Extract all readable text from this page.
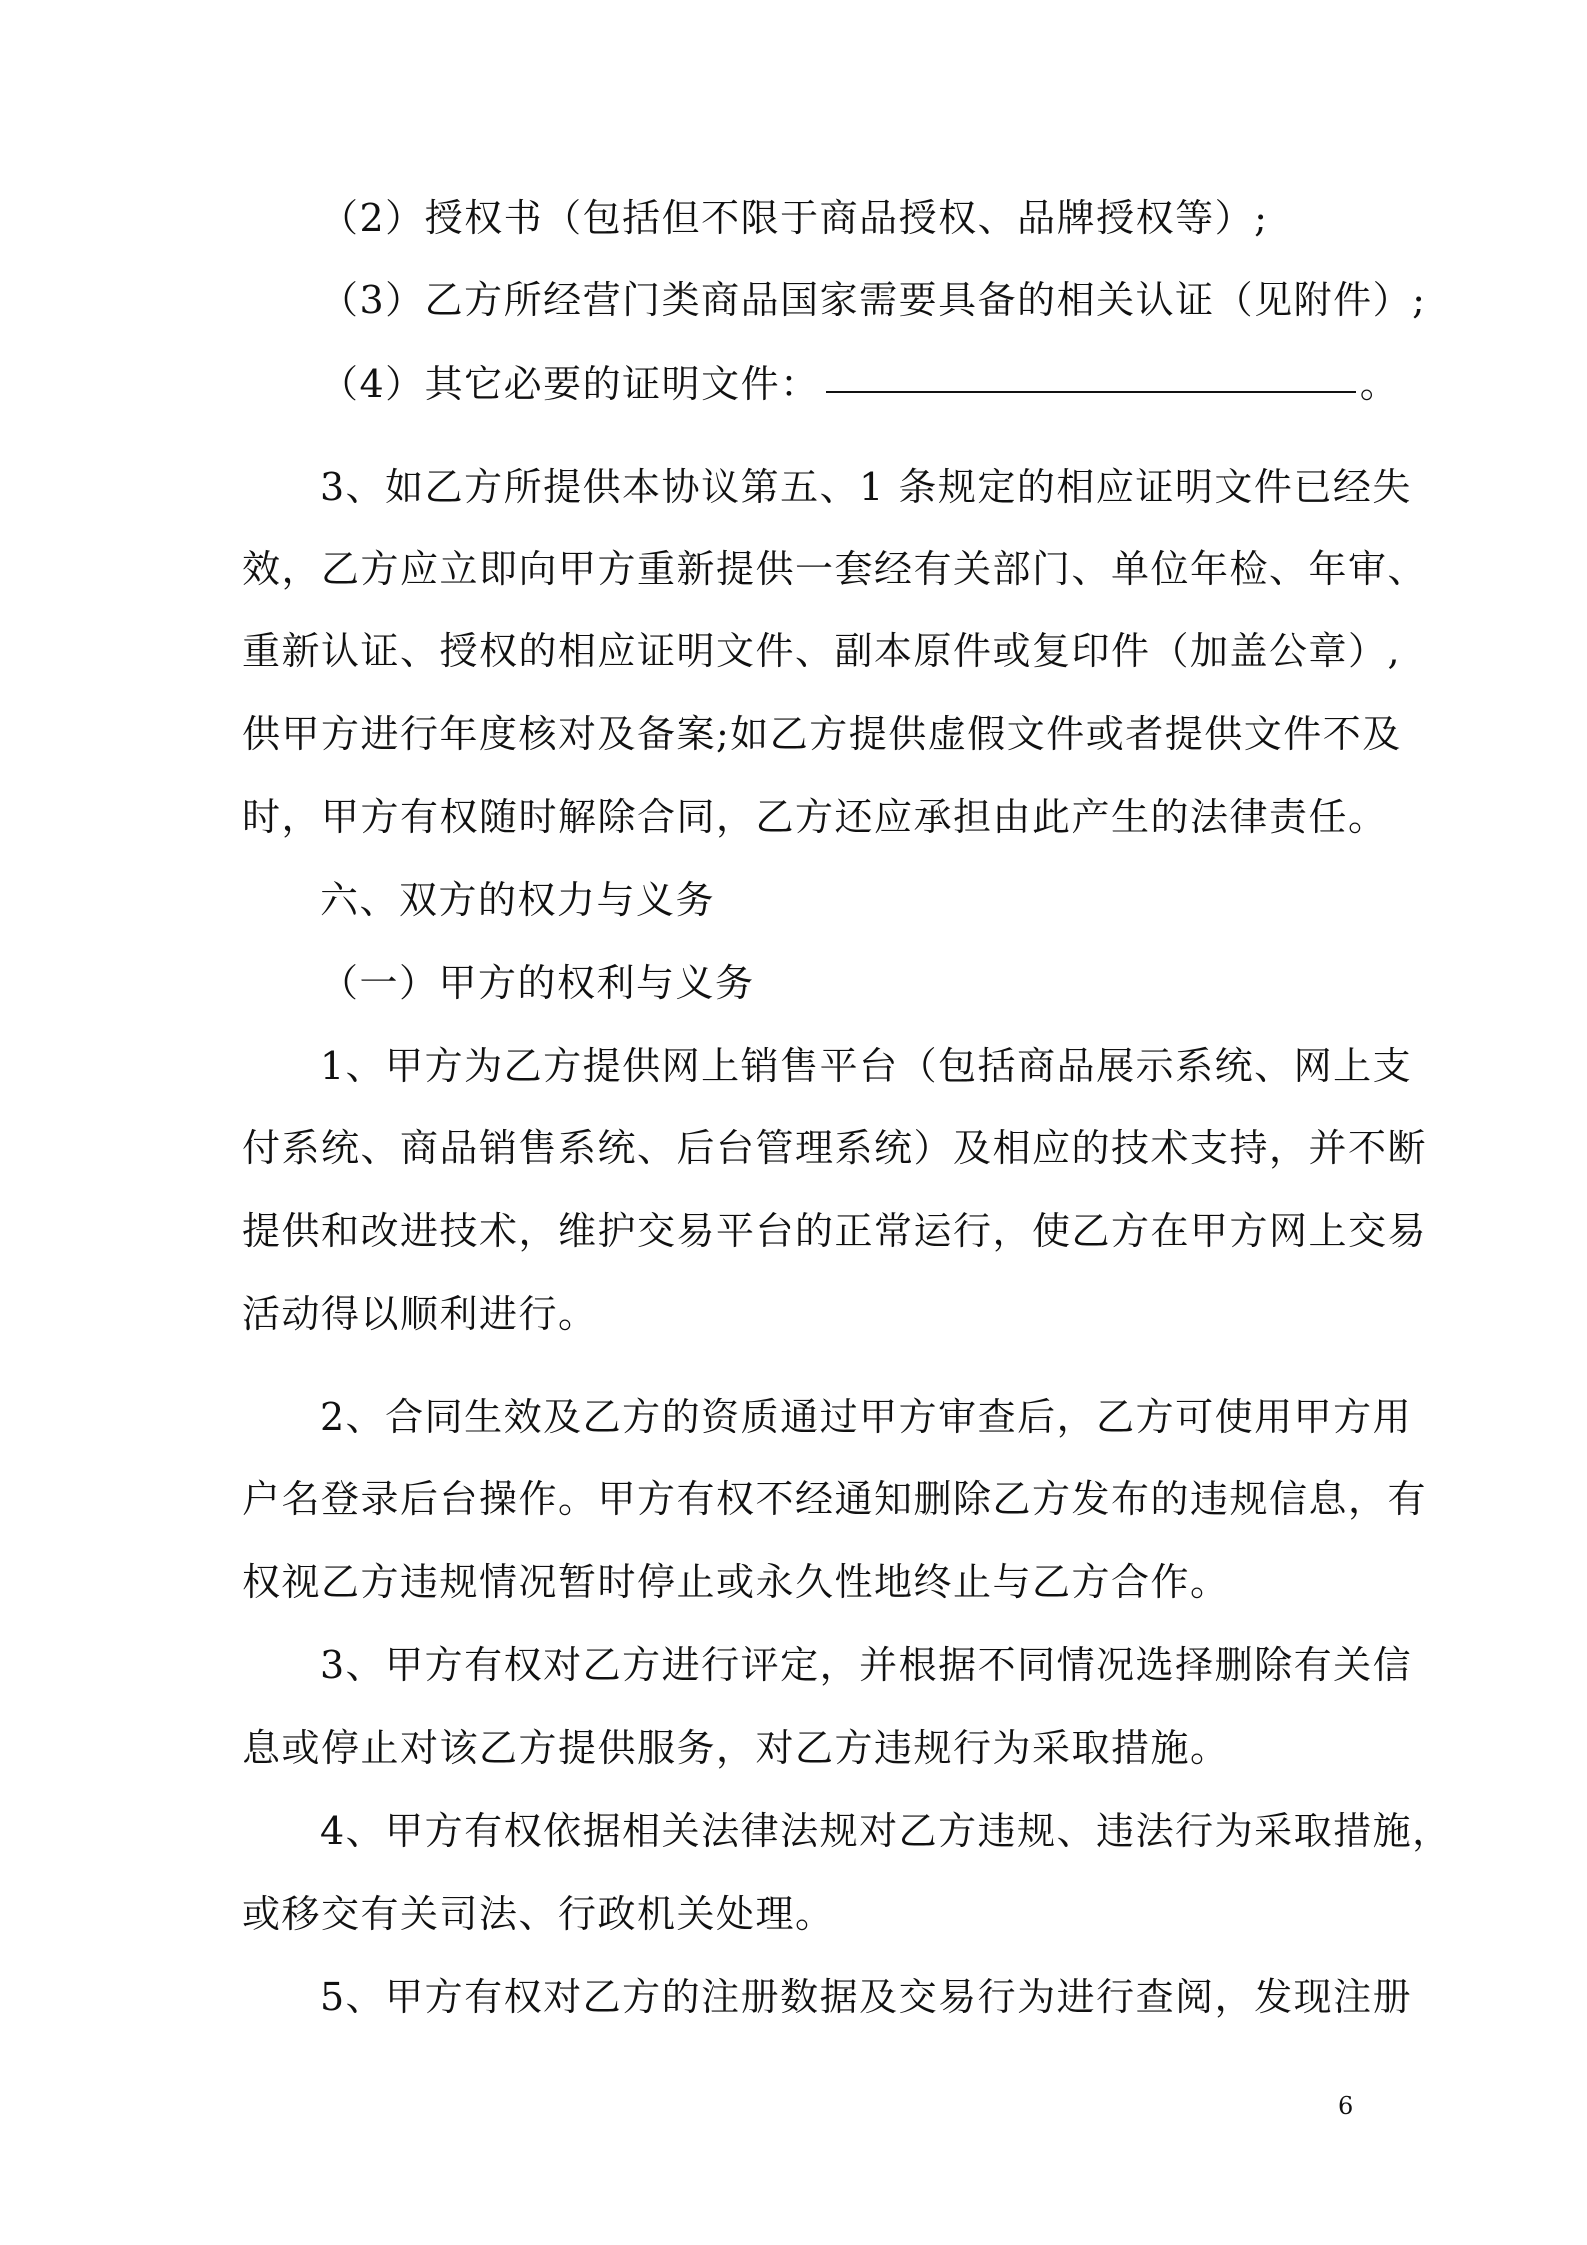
（2）授权书（包括但不限于商品授权、品牌授权等）;

（3）乙方所经营门类商品国家需要具备的相关认证（见附件）;

（4）其它必要的证明文件：	。

3、如乙方所提供本协议第五、1 条规定的相应证明文件已经失

效，乙方应立即向甲方重新提供一套经有关部门、单位年检、年审、

重新认证、授权的相应证明文件、副本原件或复印件（加盖公章）,

供甲方进行年度核对及备案;如乙方提供虚假文件或者提供文件不及

时，甲方有权随时解除合同，乙方还应承担由此产生的法律责任。

六、双方的权力与义务

（一）甲方的权利与义务

1、甲方为乙方提供网上销售平台（包括商品展示系统、网上支

付系统、商品销售系统、后台管理系统）及相应的技术支持，并不断

提供和改进技术，维护交易平台的正常运行，使乙方在甲方网上交易

活动得以顺利进行。

2、合同生效及乙方的资质通过甲方审查后，乙方可使用甲方用

户名登录后台操作。甲方有权不经通知删除乙方发布的违规信息，有

权视乙方违规情况暂时停止或永久性地终止与乙方合作。

3、甲方有权对乙方进行评定，并根据不同情况选择删除有关信

息或停止对该乙方提供服务，对乙方违规行为采取措施。

4、甲方有权依据相关法律法规对乙方违规、违法行为采取措施，

或移交有关司法、行政机关处理。

5、甲方有权对乙方的注册数据及交易行为进行查阅，发现注册

6
